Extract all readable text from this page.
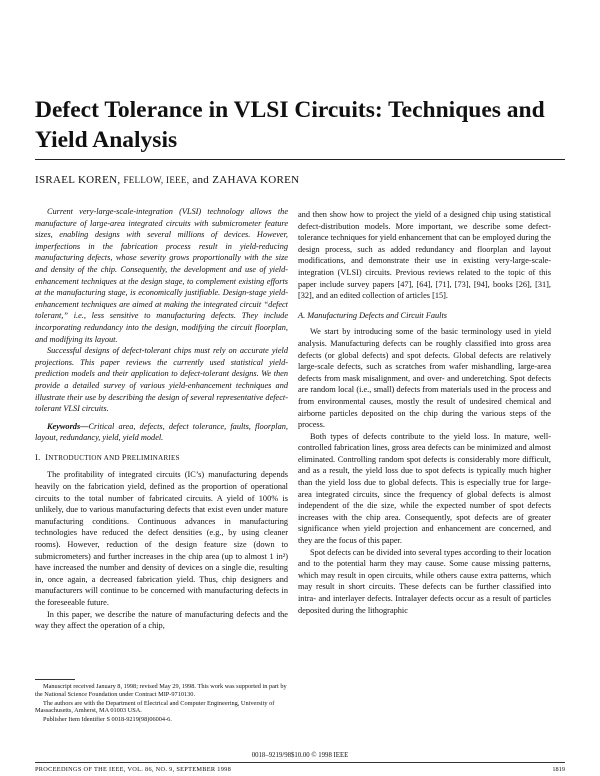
Defect Tolerance in VLSI Circuits: Techniques and Yield Analysis
ISRAEL KOREN, FELLOW, IEEE, and ZAHAVA KOREN

Current very-large-scale-integration (VLSI) technology allows the manufacture of large-area integrated circuits with submicrometer feature sizes, enabling designs with several millions of devices. However, imperfections in the fabrication process result in yield-reducing manufacturing defects, whose severity grows proportionally with the size and density of the chip. Consequently, the development and use of yield-enhancement techniques at the design stage, to complement existing efforts at the manufacturing stage, is economically justifiable. Design-stage yield-enhancement techniques are aimed at making the integrated circuit “defect tolerant,” i.e., less sensitive to manufacturing defects. They include incorporating redundancy into the design, modifying the circuit floorplan, and modifying its layout.

Successful designs of defect-tolerant chips must rely on accurate yield projections. This paper reviews the currently used statistical yield-prediction models and their application to defect-tolerant designs. We then provide a detailed survey of various yield-enhancement techniques and illustrate their use by describing the design of several representative defect-tolerant VLSI circuits.

Keywords—Critical area, defects, defect tolerance, faults, floorplan, layout, redundancy, yield, yield model.
I. INTRODUCTION AND PRELIMINARIES

The profitability of integrated circuits (IC’s) manufacturing depends heavily on the fabrication yield, defined as the proportion of operational circuits to the total number of fabricated circuits. A yield of 100% is unlikely, due to various manufacturing defects that exist even under mature manufacturing conditions. Continuous advances in manufacturing technologies have reduced the defect densities (e.g., by using cleaner rooms). However, reduction of the design feature size (down to submicrometers) and further increases in the chip area (up to almost 1 in²) have increased the number and density of devices on a single die, resulting in, once again, a decreased fabrication yield. Thus, chip designers and manufacturers will continue to be concerned with manufacturing defects in the foreseeable future.

In this paper, we describe the nature of manufacturing defects and the way they affect the operation of a chip,

and then show how to project the yield of a designed chip using statistical defect-distribution models. More important, we describe some defect-tolerance techniques for yield enhancement that can be employed during the design process, such as added redundancy and floorplan and layout modifications, and demonstrate their use in existing very-large-scale-integration (VLSI) circuits. Previous reviews related to the topic of this paper include survey papers [47], [64], [71], [73], [94], books [26], [31], [32], and an edited collection of articles [15].

A. Manufacturing Defects and Circuit Faults

We start by introducing some of the basic terminology used in yield analysis. Manufacturing defects can be roughly classified into gross area defects (or global defects) and spot defects. Global defects are relatively large-scale defects, such as scratches from wafer mishandling, large-area defects from mask misalignment, and over- and underetching. Spot defects are random local (i.e., small) defects from materials used in the process and from environmental causes, mostly the result of undesired chemical and airborne particles deposited on the chip during the various steps of the process.

Both types of defects contribute to the yield loss. In mature, well-controlled fabrication lines, gross area defects can be minimized and almost eliminated. Controlling random spot defects is considerably more difficult, and as a result, the yield loss due to spot defects is typically much higher than the yield loss due to global defects. This is especially true for large-area integrated circuits, since the frequency of global defects is almost independent of the die size, while the expected number of spot defects increases with the chip area. Consequently, spot defects are of greater significance when yield projection and enhancement are concerned, and they are the focus of this paper.

Spot defects can be divided into several types according to their location and to the potential harm they may cause. Some cause missing patterns, which may result in open circuits, while others cause extra patterns, which may result in short circuits. These defects can be further classified into intra- and interlayer defects. Intralayer defects occur as a result of particles deposited during the lithographic

Manuscript received January 8, 1998; revised May 29, 1998. This work was supported in part by the National Science Foundation under Contract MIP-9710130.

The authors are with the Department of Electrical and Computer Engineering, University of Massachusetts, Amherst, MA 01003 USA.

Publisher Item Identifier S 0018-9219(98)06004-6.

0018–9219/98$10.00 © 1998 IEEE
PROCEEDINGS OF THE IEEE, VOL. 86, NO. 9, SEPTEMBER 1998	1819
